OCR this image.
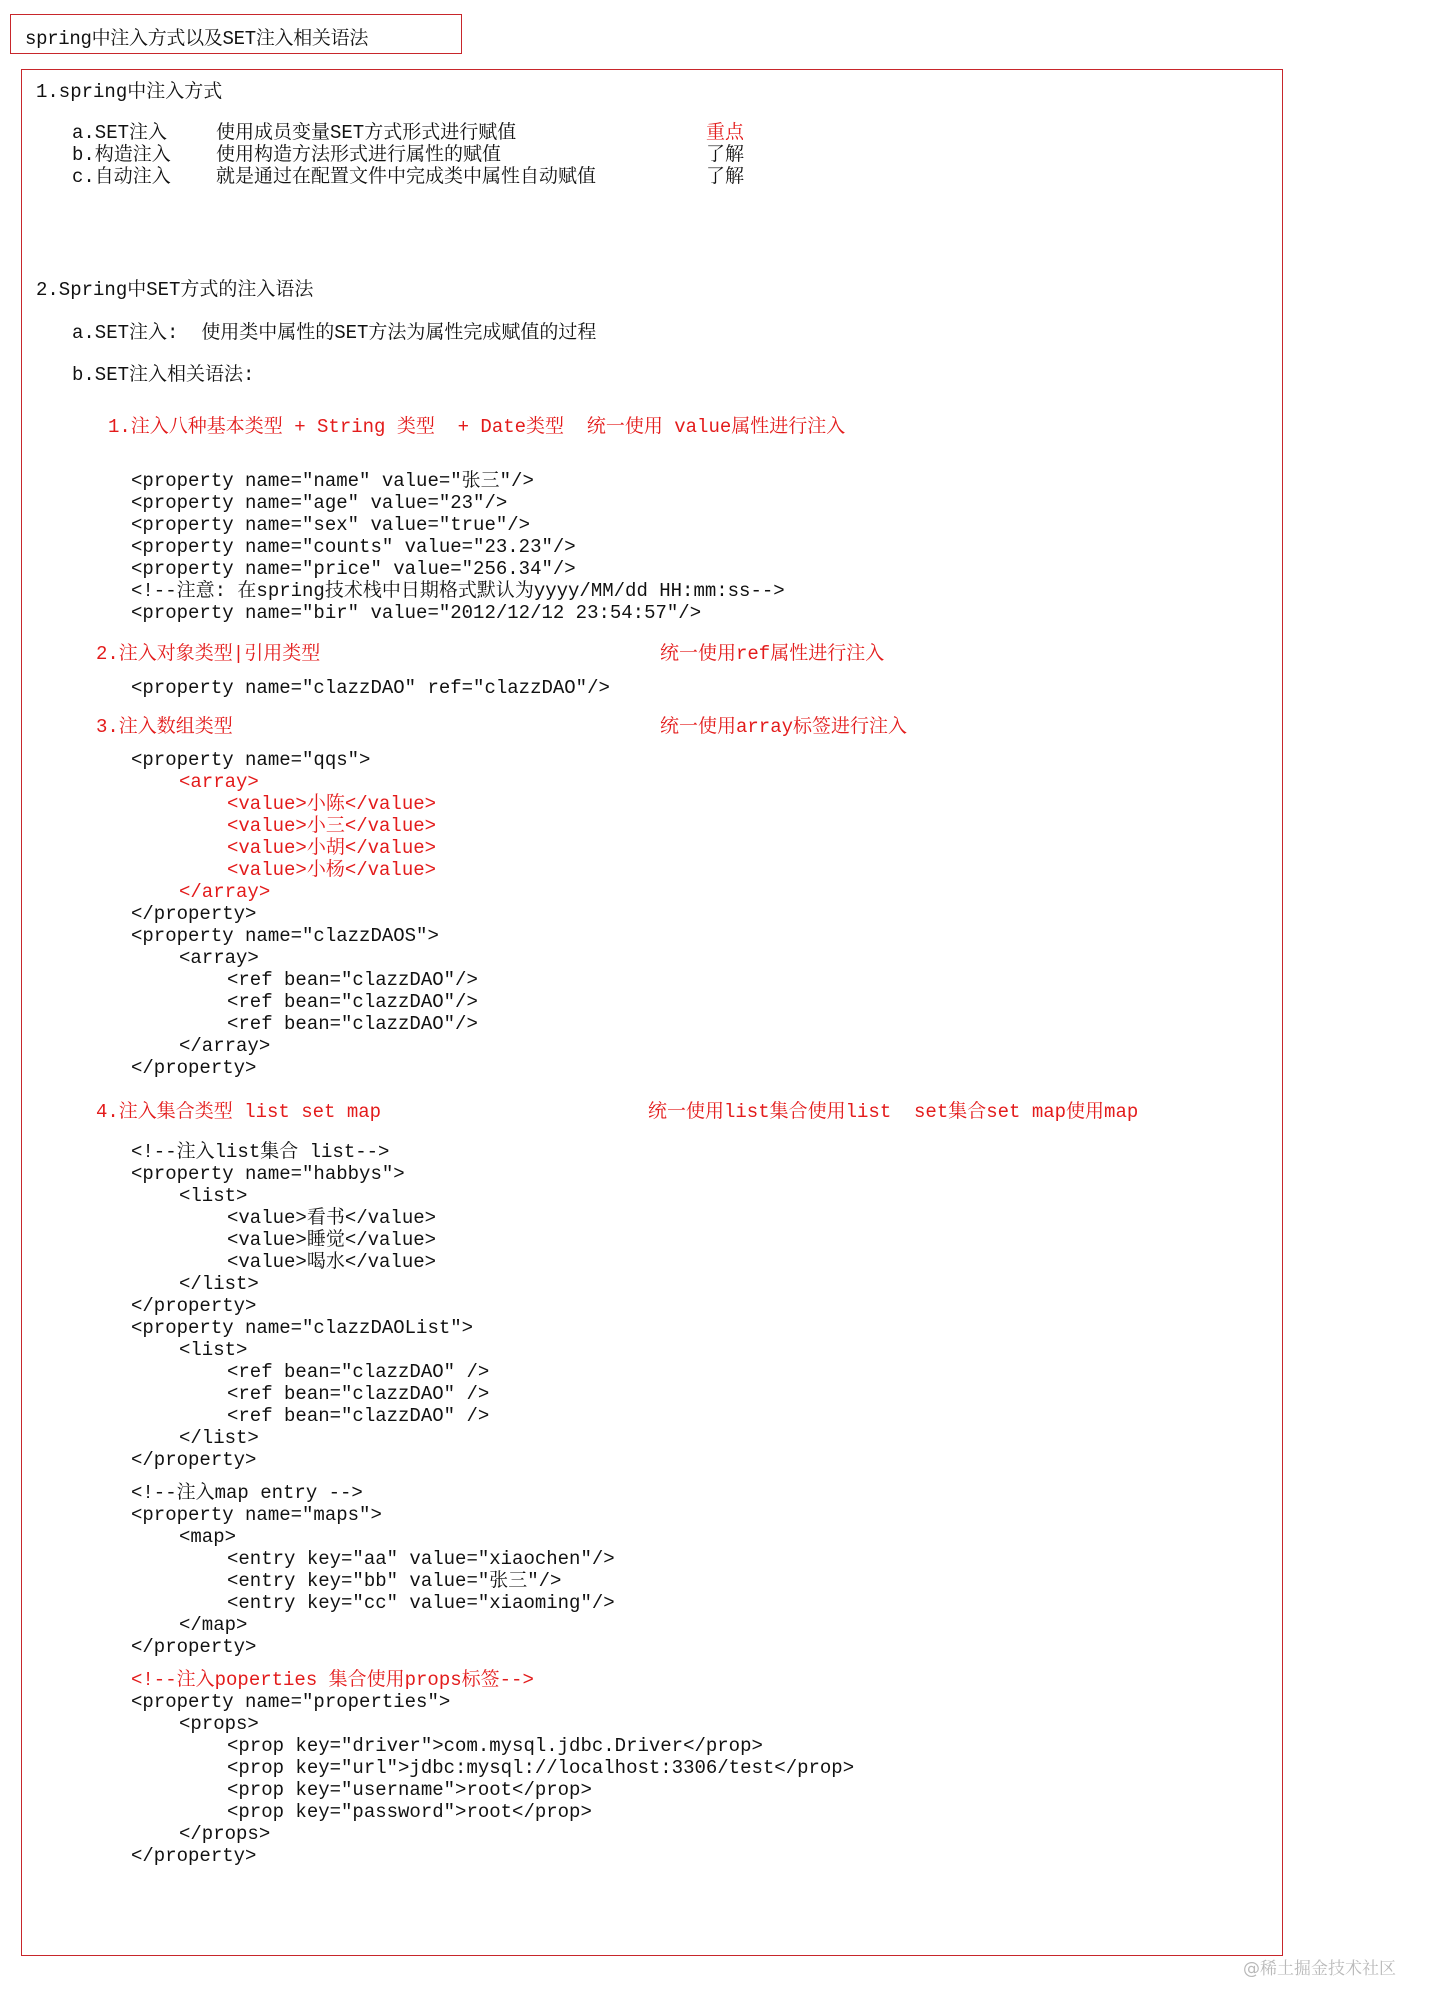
spring中注入方式以及SET注入相关语法
1.spring中注入方式
a.SET注入	使用成员变量SET方式形式进行赋值	重点
b.构造注入 使用构造方法形式进行属性的赋值	了解
c.自动注入 就是通过在配置文件中完成类中属性自动赋值	了解
2.Spring中SET方式的注入语法
a.SET注入:  使用类中属性的SET方法为属性完成赋值的过程
b.SET注入相关语法:
1.注入八种基本类型 + String 类型  + Date类型  统一使用 value属性进行注入
<property name="name" value="张三"/>
<property name="age" value="23"/>
<property name="sex" value="true"/>
<property name="counts" value="23.23"/>
<property name="price" value="256.34"/>
<!--注意: 在spring技术栈中日期格式默认为yyyy/MM/dd HH:mm:ss-->
<property name="bir" value="2012/12/12 23:54:57"/>
2.注入对象类型|引用类型	统一使用ref属性进行注入
<property name="clazzDAO" ref="clazzDAO"/>
3.注入数组类型	统一使用array标签进行注入
<property name="qqs">
<array>
<value>小陈</value>
<value>小三</value>
<value>小胡</value>
<value>小杨</value>
</array>
</property>
<property name="clazzDAOS">
<array>
<ref bean="clazzDAO"/>
<ref bean="clazzDAO"/>
<ref bean="clazzDAO"/>
</array>
</property>
4.注入集合类型 list set map	统一使用list集合使用list  set集合set map使用map
<!--注入list集合 list-->
<property name="habbys">
<list>
<value>看书</value>
<value>睡觉</value>
<value>喝水</value>
</list>
</property>
<property name="clazzDAOList">
<list>
<ref bean="clazzDAO" />
<ref bean="clazzDAO" />
<ref bean="clazzDAO" />
</list>
</property>
<!--注入map entry -->
<property name="maps">
<map>
<entry key="aa" value="xiaochen"/>
<entry key="bb" value="张三"/>
<entry key="cc" value="xiaoming"/>
</map>
</property>
<!--注入poperties 集合使用props标签-->
<property name="properties">
<props>
<prop key="driver">com.mysql.jdbc.Driver</prop>
<prop key="url">jdbc:mysql://localhost:3306/test</prop>
<prop key="username">root</prop>
<prop key="password">root</prop>
</props>
</property>
@稀土掘金技术社区
